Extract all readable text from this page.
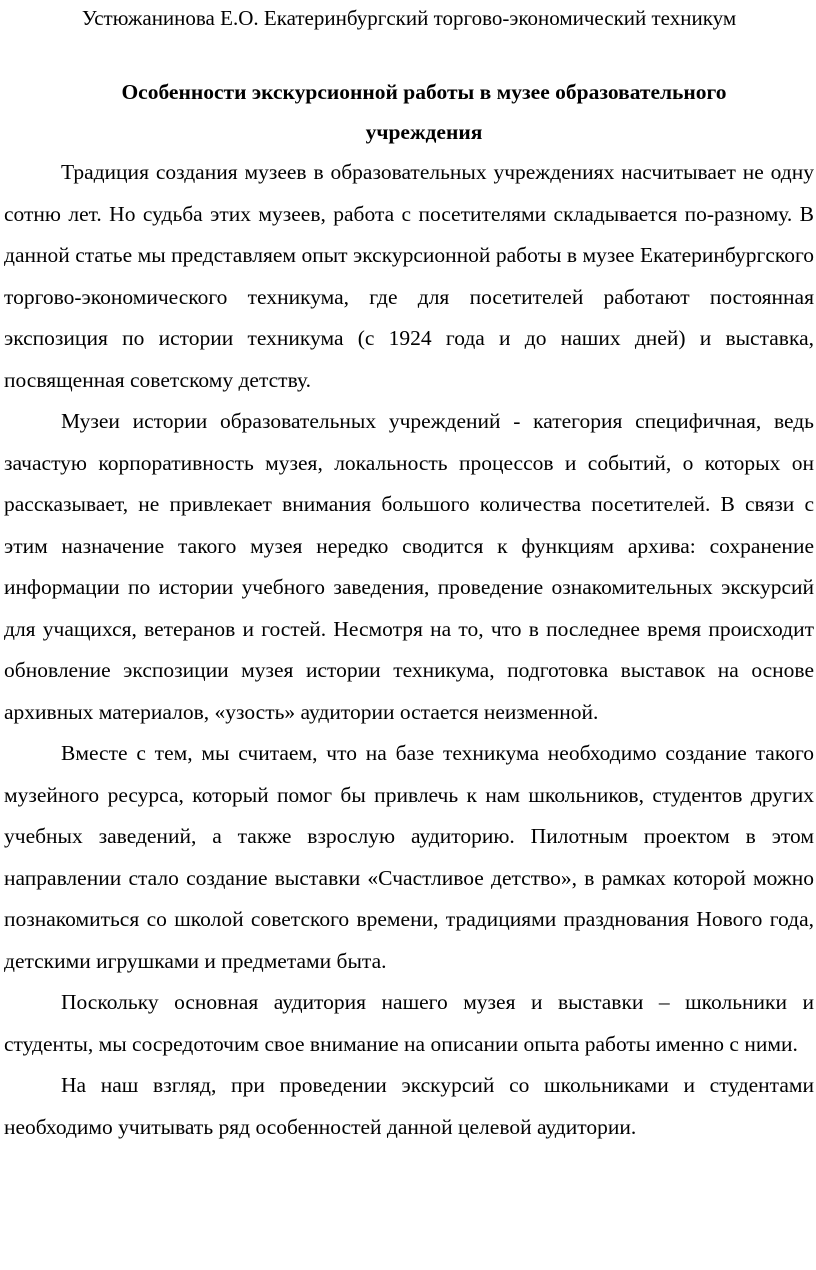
Устюжанинова Е.О. Екатеринбургский торгово-экономический техникум

Особенности экскурсионной работы в музее образовательного учреждения

Традиция создания музеев в образовательных учреждениях насчитывает не одну сотню лет. Но судьба этих музеев, работа с посетителями складывается по-разному. В данной статье мы представляем опыт экскурсионной работы в музее Екатеринбургского торгово-экономического техникума, где для посетителей работают постоянная экспозиция по истории техникума (с 1924 года и до наших дней) и выставка, посвященная советскому детству.

Музеи истории образовательных учреждений - категория специфичная, ведь зачастую корпоративность музея, локальность процессов и событий, о которых он рассказывает, не привлекает внимания большого количества посетителей. В связи с этим назначение такого музея нередко сводится к функциям архива: сохранение информации по истории учебного заведения, проведение ознакомительных экскурсий для учащихся, ветеранов и гостей. Несмотря на то, что в последнее время происходит обновление экспозиции музея истории техникума, подготовка выставок на основе архивных материалов, «узость» аудитории остается неизменной.

Вместе с тем, мы считаем, что на базе техникума необходимо создание такого музейного ресурса, который помог бы привлечь к нам школьников, студентов других учебных заведений, а также взрослую аудиторию. Пилотным проектом в этом направлении стало создание выставки «Счастливое детство», в рамках которой можно познакомиться со школой советского времени, традициями празднования Нового года, детскими игрушками и предметами быта.

Поскольку основная аудитория нашего музея и выставки – школьники и студенты, мы сосредоточим свое внимание на описании опыта работы именно с ними.

На наш взгляд, при проведении экскурсий со школьниками и студентами необходимо учитывать ряд особенностей данной целевой аудитории.
